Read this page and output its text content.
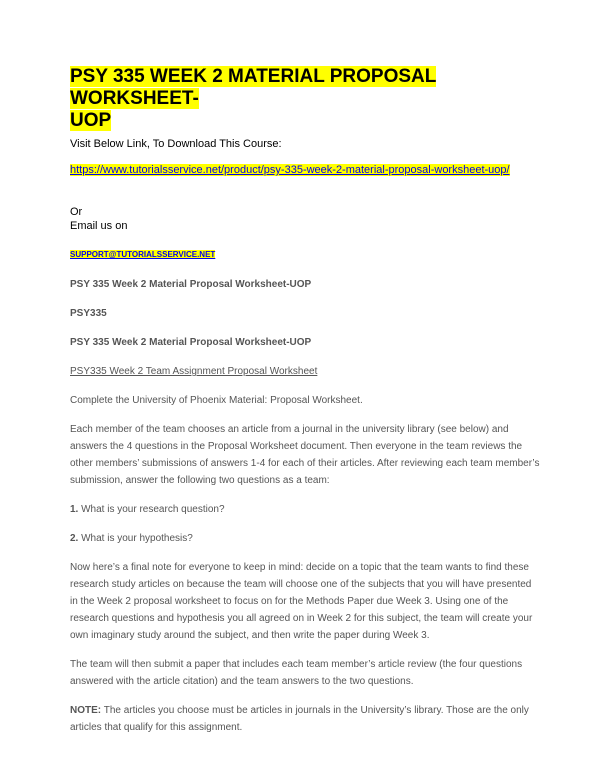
PSY 335 WEEK 2 MATERIAL PROPOSAL WORKSHEET-
UOP
Visit Below Link, To Download This Course:
https://www.tutorialsservice.net/product/psy-335-week-2-material-proposal-worksheet-uop/
Or
Email us on
SUPPORT@TUTORIALSSERVICE.NET

PSY 335 Week 2 Material Proposal Worksheet-UOP

PSY335

PSY 335 Week 2 Material Proposal Worksheet-UOP

PSY335 Week 2 Team Assignment Proposal Worksheet

Complete the University of Phoenix Material: Proposal Worksheet.

Each member of the team chooses an article from a journal in the university library (see below) and answers the 4 questions in the Proposal Worksheet document. Then everyone in the team reviews the other members’ submissions of answers 1-4 for each of their articles. After reviewing each team member’s submission, answer the following two questions as a team:

1. What is your research question?

2. What is your hypothesis?

Now here’s a final note for everyone to keep in mind: decide on a topic that the team wants to find these research study articles on because the team will choose one of the subjects that you will have presented in the Week 2 proposal worksheet to focus on for the Methods Paper due Week 3. Using one of the research questions and hypothesis you all agreed on in Week 2 for this subject, the team will create your own imaginary study around the subject, and then write the paper during Week 3.

The team will then submit a paper that includes each team member’s article review (the four questions answered with the article citation) and the team answers to the two questions.

NOTE: The articles you choose must be articles in journals in the University’s library. Those are the only articles that qualify for this assignment.
